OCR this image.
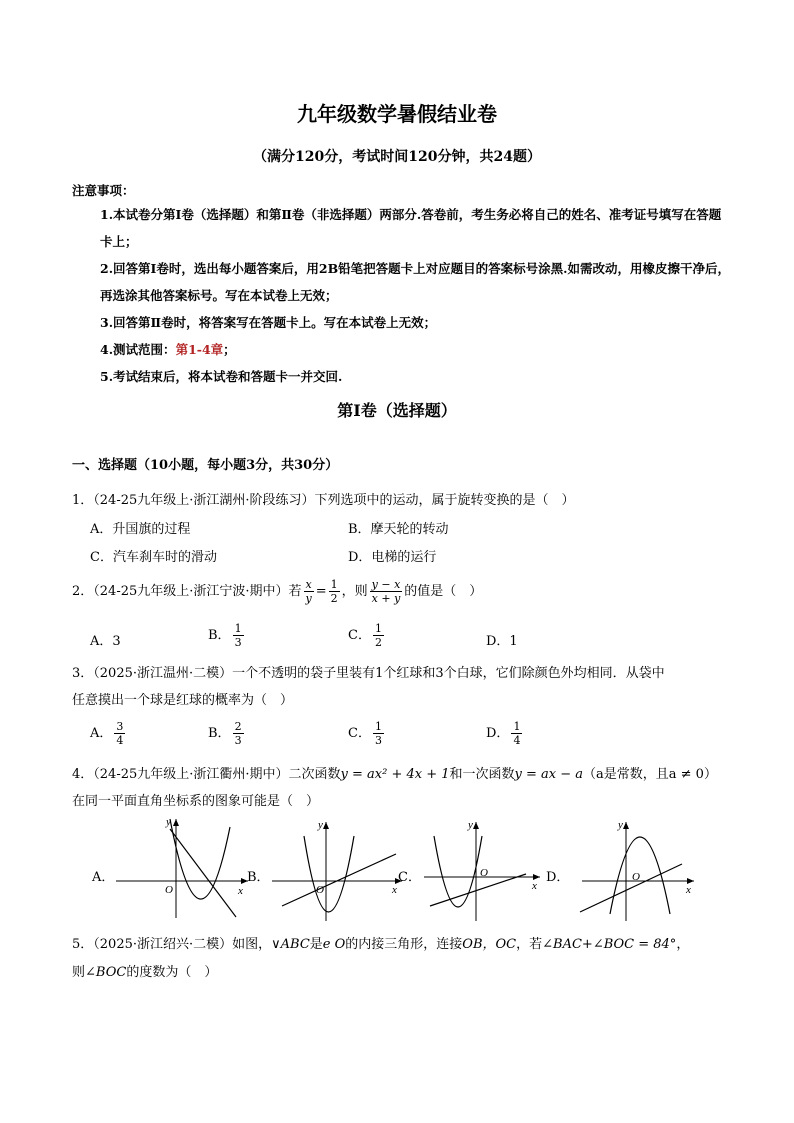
九年级数学暑假结业卷
（满分120分，考试时间120分钟，共24题）
注意事项：
1.本试卷分第Ⅰ卷（选择题）和第Ⅱ卷（非选择题）两部分.答卷前，考生务必将自己的姓名、准考证号填写在答题卡上；
2.回答第Ⅰ卷时，选出每小题答案后，用2B铅笔把答题卡上对应题目的答案标号涂黑.如需改动，用橡皮擦干净后，再选涂其他答案标号。写在本试卷上无效；
3.回答第Ⅱ卷时，将答案写在答题卡上。写在本试卷上无效；
4.测试范围：第1-4章；
5.考试结束后，将本试卷和答题卡一并交回.
第Ⅰ卷（选择题）
一、选择题（10小题，每小题3分，共30分）
1．（24-25九年级上·浙江湖州·阶段练习）下列选项中的运动，属于旋转变换的是（　）
A．升国旗的过程	B．摩天轮的转动
C．汽车刹车时的滑动	D．电梯的运行
2．（24-25九年级上·浙江宁波·期中）若 $\frac{x}{y} = \frac{1}{2}$ ，则 $\frac{y - x}{x + y}$ 的值是（　）
A．3	B． $\frac{1}{3}$	C． $\frac{1}{2}$	D．1
3．（2025·浙江温州·二模）一个不透明的袋子里装有1个红球和3个白球，它们除颜色外均相同．从袋中
任意摸出一个球是红球的概率为（　）
A． $\frac{3}{4}$	B． $\frac{2}{3}$	C． $\frac{1}{3}$	D． $\frac{1}{4}$
4．（24-25九年级上·浙江衢州·期中）二次函数y = ax² + 4x + 1和一次函数y = ax − a（a是常数，且a ≠ 0）
在同一平面直角坐标系的图象可能是（　）
A．
x
y
O
B．
x
y
O
C．
x
y
O	D．
x
y
O
5．（2025·浙江绍兴·二模）如图，∨ABC是e O的内接三角形，连接OB，OC，若∠BAC+∠BOC = 84°，
则∠BOC的度数为（　）
